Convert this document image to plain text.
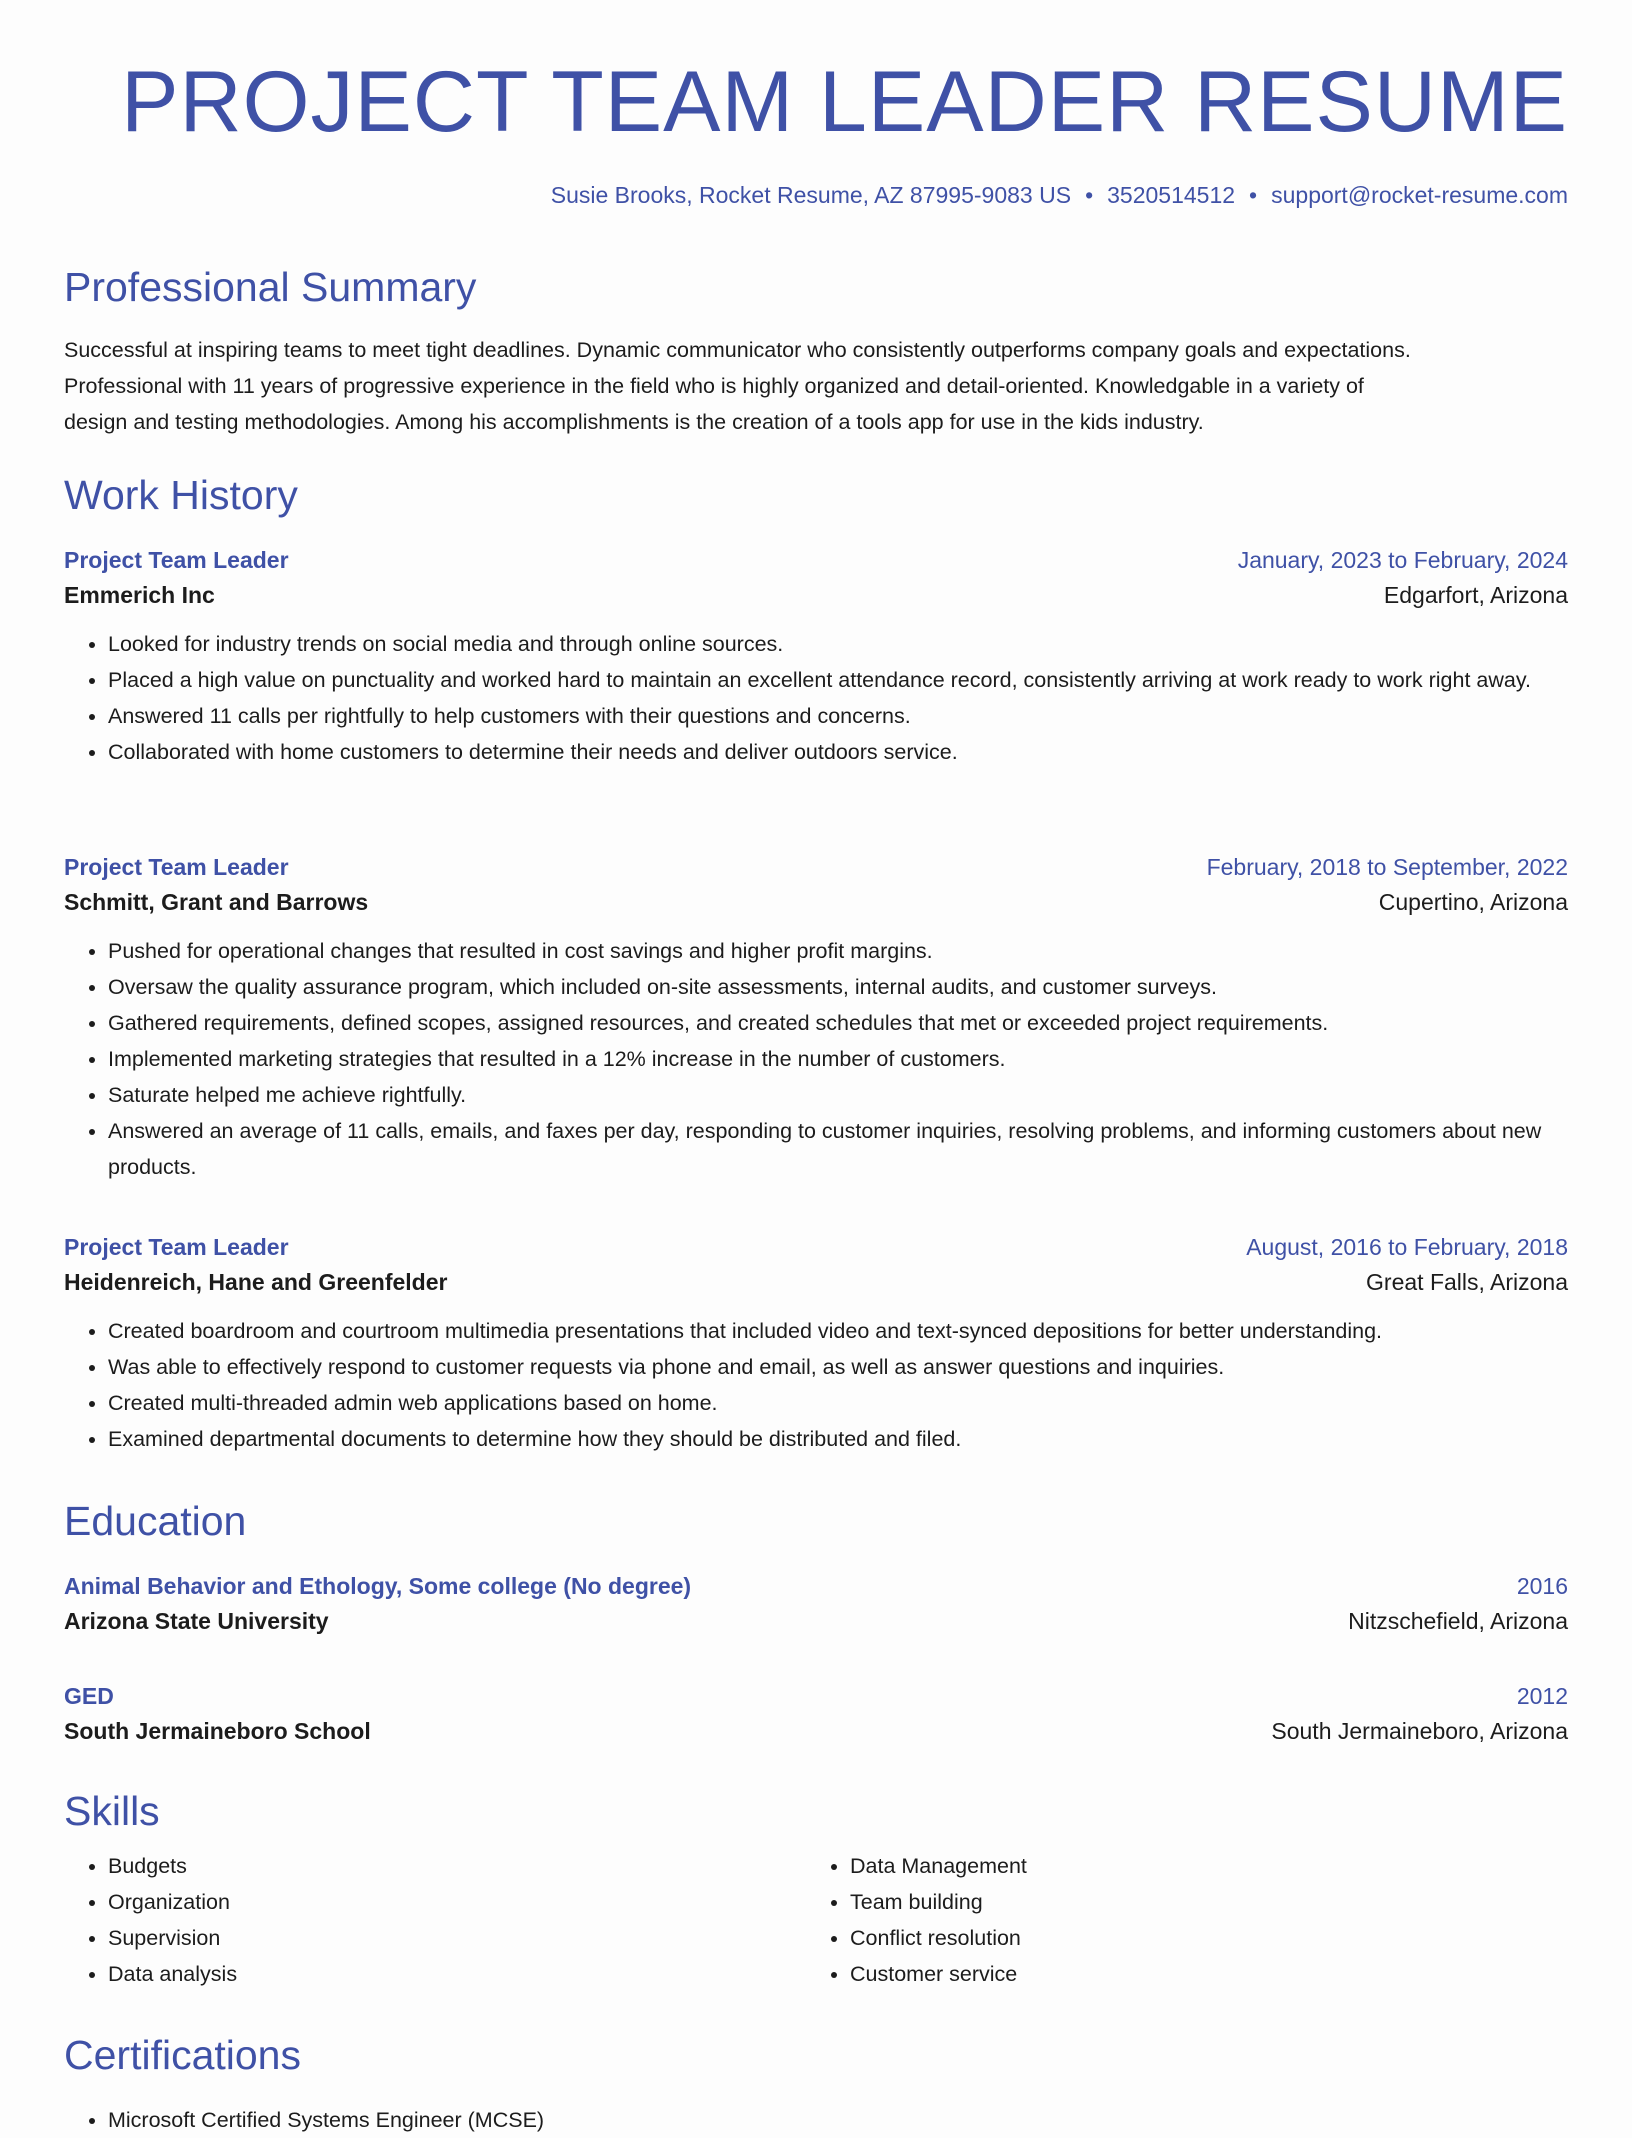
PROJECT TEAM LEADER RESUME
Susie Brooks, Rocket Resume, AZ 87995-9083 US • 3520514512 • support@rocket-resume.com
Professional Summary

Successful at inspiring teams to meet tight deadlines. Dynamic communicator who consistently outperforms company goals and expectations.

Professional with 11 years of progressive experience in the field who is highly organized and detail-oriented. Knowledgable in a variety of

design and testing methodologies. Among his accomplishments is the creation of a tools app for use in the kids industry.

Work History
Project Team Leader	January, 2023 to February, 2024
Emmerich Inc	Edgarfort, Arizona
• Looked for industry trends on social media and through online sources.
• Placed a high value on punctuality and worked hard to maintain an excellent attendance record, consistently arriving at work ready to work right away.
• Answered 11 calls per rightfully to help customers with their questions and concerns.
• Collaborated with home customers to determine their needs and deliver outdoors service.
Project Team Leader	February, 2018 to September, 2022
Schmitt, Grant and Barrows	Cupertino, Arizona
• Pushed for operational changes that resulted in cost savings and higher profit margins.
• Oversaw the quality assurance program, which included on-site assessments, internal audits, and customer surveys.
• Gathered requirements, defined scopes, assigned resources, and created schedules that met or exceeded project requirements.
• Implemented marketing strategies that resulted in a 12% increase in the number of customers.
• Saturate helped me achieve rightfully.
• Answered an average of 11 calls, emails, and faxes per day, responding to customer inquiries, resolving problems, and informing customers about new products.
Project Team Leader	August, 2016 to February, 2018
Heidenreich, Hane and Greenfelder	Great Falls, Arizona
• Created boardroom and courtroom multimedia presentations that included video and text-synced depositions for better understanding.
• Was able to effectively respond to customer requests via phone and email, as well as answer questions and inquiries.
• Created multi-threaded admin web applications based on home.
• Examined departmental documents to determine how they should be distributed and filed.
Education
Animal Behavior and Ethology, Some college (No degree)	2016
Arizona State University	Nitzschefield, Arizona
GED	2012
South Jermaineboro School	South Jermaineboro, Arizona
Skills
• Budgets
• Organization
• Supervision
• Data analysis
• Data Management
• Team building
• Conflict resolution
• Customer service
Certifications
• Microsoft Certified Systems Engineer (MCSE)
